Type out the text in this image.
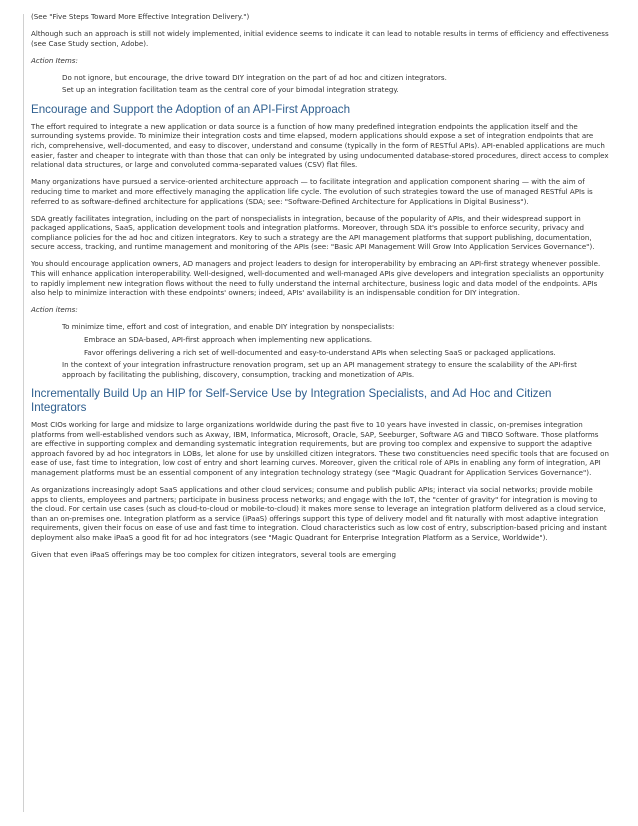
(See "Five Steps Toward More Effective Integration Delivery.")

Although such an approach is still not widely implemented, initial evidence seems to indicate it can lead to notable results in terms of efficiency and effectiveness (see Case Study section, Adobe).

Action Items:

Do not ignore, but encourage, the drive toward DIY integration on the part of ad hoc and citizen integrators.

Set up an integration facilitation team as the central core of your bimodal integration strategy.

Encourage and Support the Adoption of an API-First Approach

The effort required to integrate a new application or data source is a function of how many predefined integration endpoints the application itself and the surrounding systems provide. To minimize their integration costs and time elapsed, modern applications should expose a set of integration endpoints that are rich, comprehensive, well-documented, and easy to discover, understand and consume (typically in the form of RESTful APIs). API-enabled applications are much easier, faster and cheaper to integrate with than those that can only be integrated by using undocumented database-stored procedures, direct access to complex relational data structures, or large and convoluted comma-separated values (CSV) flat files.

Many organizations have pursued a service-oriented architecture approach — to facilitate integration and application component sharing — with the aim of reducing time to market and more effectively managing the application life cycle. The evolution of such strategies toward the use of managed RESTful APIs is referred to as software-defined architecture for applications (SDA; see: "Software-Defined Architecture for Applications in Digital Business").

SDA greatly facilitates integration, including on the part of nonspecialists in integration, because of the popularity of APIs, and their widespread support in packaged applications, SaaS, application development tools and integration platforms. Moreover, through SDA it's possible to enforce security, privacy and compliance policies for the ad hoc and citizen integrators. Key to such a strategy are the API management platforms that support publishing, documentation, secure access, tracking, and runtime management and monitoring of the APIs (see: "Basic API Management Will Grow Into Application Services Governance").

You should encourage application owners, AD managers and project leaders to design for interoperability by embracing an API-first strategy whenever possible. This will enhance application interoperability. Well-designed, well-documented and well-managed APIs give developers and integration specialists an opportunity to rapidly implement new integration flows without the need to fully understand the internal architecture, business logic and data model of the endpoints. APIs also help to minimize interaction with these endpoints' owners; indeed, APIs' availability is an indispensable condition for DIY integration.

Action items:

To minimize time, effort and cost of integration, and enable DIY integration by nonspecialists:

Embrace an SDA-based, API-first approach when implementing new applications.

Favor offerings delivering a rich set of well-documented and easy-to-understand APIs when selecting SaaS or packaged applications.

In the context of your integration infrastructure renovation program, set up an API management strategy to ensure the scalability of the API-first approach by facilitating the publishing, discovery, consumption, tracking and monetization of APIs.

Incrementally Build Up an HIP for Self-Service Use by Integration Specialists, and Ad Hoc and Citizen Integrators

Most CIOs working for large and midsize to large organizations worldwide during the past five to 10 years have invested in classic, on-premises integration platforms from well-established vendors such as Axway, IBM, Informatica, Microsoft, Oracle, SAP, Seeburger, Software AG and TIBCO Software. Those platforms are effective in supporting complex and demanding systematic integration requirements, but are proving too complex and expensive to support the adaptive approach favored by ad hoc integrators in LOBs, let alone for use by unskilled citizen integrators. These two constituencies need specific tools that are focused on ease of use, fast time to integration, low cost of entry and short learning curves. Moreover, given the critical role of APIs in enabling any form of integration, API management platforms must be an essential component of any integration technology strategy (see "Magic Quadrant for Application Services Governance").

As organizations increasingly adopt SaaS applications and other cloud services; consume and publish public APIs; interact via social networks; provide mobile apps to clients, employees and partners; participate in business process networks; and engage with the IoT, the "center of gravity" for integration is moving to the cloud. For certain use cases (such as cloud-to-cloud or mobile-to-cloud) it makes more sense to leverage an integration platform delivered as a cloud service, than an on-premises one. Integration platform as a service (iPaaS) offerings support this type of delivery model and fit naturally with most adaptive integration requirements, given their focus on ease of use and fast time to integration. Cloud characteristics such as low cost of entry, subscription-based pricing and instant deployment also make iPaaS a good fit for ad hoc integrators (see "Magic Quadrant for Enterprise Integration Platform as a Service, Worldwide").

Given that even iPaaS offerings may be too complex for citizen integrators, several tools are emerging
